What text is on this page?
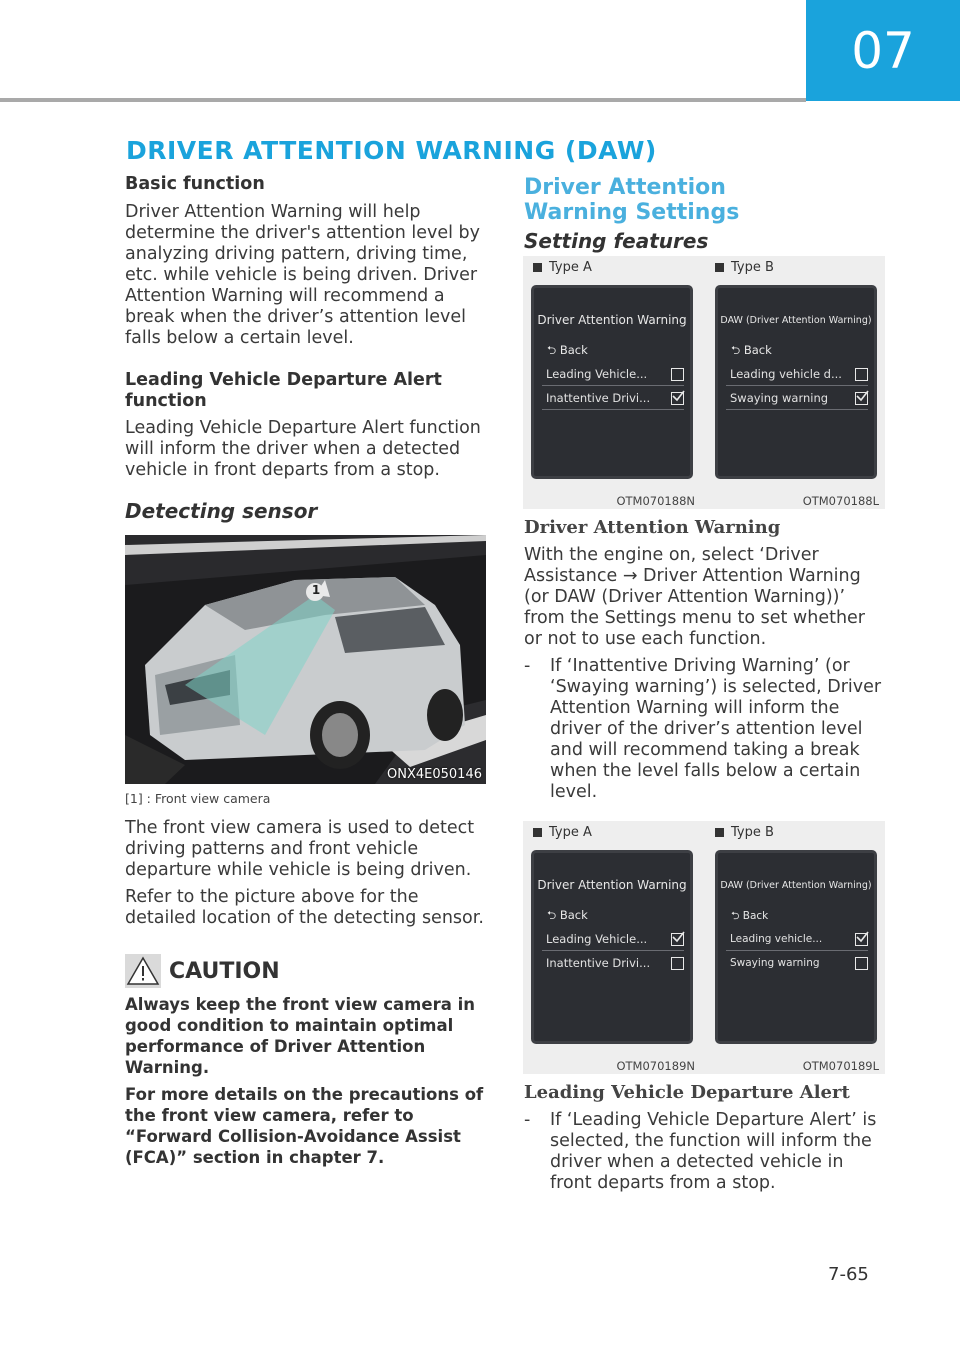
07
DRIVER ATTENTION WARNING (DAW)
Basic function
Driver Attention Warning will help determine the driver's attention level by analyzing driving pattern, driving time, etc. while vehicle is being driven. Driver Attention Warning will recommend a break when the driver’s attention level falls below a certain level.
Leading Vehicle Departure Alert function
Leading Vehicle Departure Alert function will inform the driver when a detected vehicle in front departs from a stop.
Detecting sensor
1
ONX4E050146
[1] : Front view camera
The front view camera is used to detect driving patterns and front vehicle departure while vehicle is being driven.
Refer to the picture above for the detailed location of the detecting sensor.
CAUTION
Always keep the front view camera in good condition to maintain optimal performance of Driver Attention Warning.
For more details on the precautions of the front view camera, refer to “Forward Collision-Avoidance Assist (FCA)” section in chapter 7.
Driver Attention Warning Settings
Setting features
Type A	Type B
Driver Attention Warning
⮌ Back
Leading Vehicle...
Inattentive Drivi...
OTM070188N
DAW (Driver Attention Warning)
⮌ Back
Leading vehicle d...
Swaying warning
OTM070188L
Driver Attention Warning
With the engine on, select ‘Driver Assistance → Driver Attention Warning (or DAW (Driver Attention Warning))’ from the Settings menu to set whether or not to use each function.
- If ‘Inattentive Driving Warning’ (or ‘Swaying warning’) is selected, Driver Attention Warning will inform the driver of the driver’s attention level and will recommend taking a break when the level falls below a certain level.
Type A	Type B
Driver Attention Warning
⮌ Back
Leading Vehicle...
Inattentive Drivi...
OTM070189N
DAW (Driver Attention Warning)
⮌ Back
Leading vehicle...
Swaying warning
OTM070189L
Leading Vehicle Departure Alert
- If ‘Leading Vehicle Departure Alert’ is selected, the function will inform the driver when a detected vehicle in front departs from a stop.
7-65
